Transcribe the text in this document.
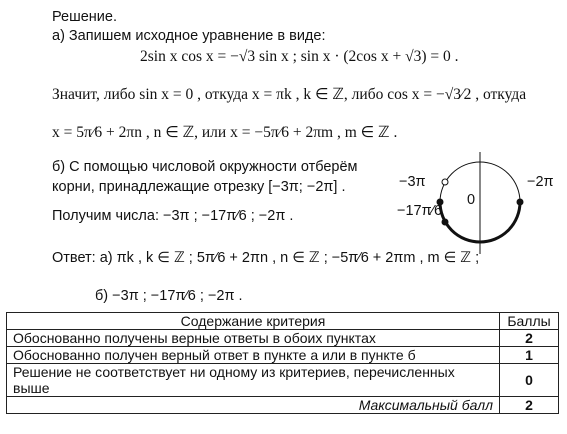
Решение.
а) Запишем исходное уравнение в виде:
2sin x cos x = −√3 sin x ; sin x · (2cos x + √3) = 0 .
Значит, либо sin x = 0 , откуда x = πk , k ∈ ℤ, либо cos x = −√3⁄2 , откуда
x = 5π⁄6 + 2πn , n ∈ ℤ, или x = −5π⁄6 + 2πm , m ∈ ℤ .
б) С помощью числовой окружности отберём
корни, принадлежащие отрезку [−3π; −2π] .
Получим числа: −3π ; −17π⁄6 ; −2π .
Ответ: а) πk , k ∈ ℤ ; 5π⁄6 + 2πn , n ∈ ℤ ; −5π⁄6 + 2πm , m ∈ ℤ ;
б) −3π ; −17π⁄6 ; −2π .
−3π	−2π
−17π⁄6
0
Содержание критерия	Баллы
Обоснованно получены верные ответы в обоих пунктах	2
Обоснованно получен верный ответ в пункте а или в пункте б	1
Решение не соответствует ни одному из критериев, перечисленных выше	0
Максимальный балл	2
